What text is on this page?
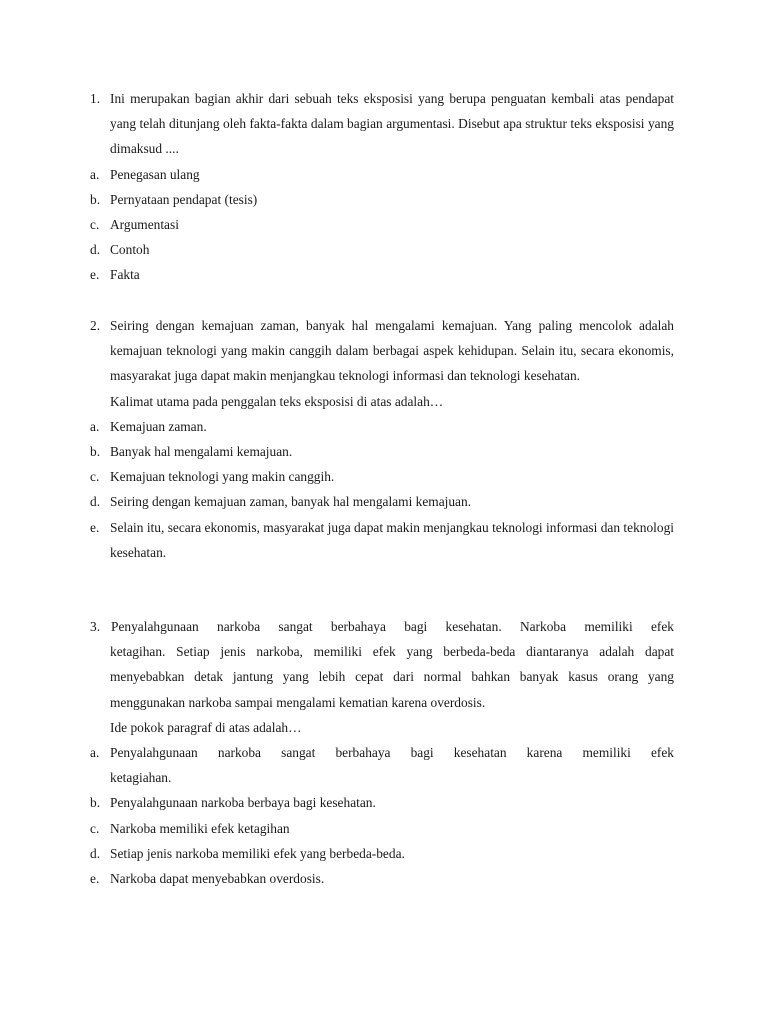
1. Ini merupakan bagian akhir dari sebuah teks eksposisi yang berupa penguatan kembali atas pendapat yang telah ditunjang oleh fakta-fakta dalam bagian argumentasi. Disebut apa struktur teks eksposisi yang dimaksud ....
a. Penegasan ulang
b. Pernyataan pendapat (tesis)
c. Argumentasi
d. Contoh
e. Fakta
2. Seiring dengan kemajuan zaman, banyak hal mengalami kemajuan. Yang paling mencolok adalah kemajuan teknologi yang makin canggih dalam berbagai aspek kehidupan. Selain itu, secara ekonomis, masyarakat juga dapat makin menjangkau teknologi informasi dan teknologi kesehatan.
Kalimat utama pada penggalan teks eksposisi di atas adalah…
a. Kemajuan zaman.
b. Banyak hal mengalami kemajuan.
c. Kemajuan teknologi yang makin canggih.
d. Seiring dengan kemajuan zaman, banyak hal mengalami kemajuan.
e. Selain itu, secara ekonomis, masyarakat juga dapat makin menjangkau teknologi informasi dan teknologi kesehatan.
3. Penyalahgunaan narkoba sangat berbahaya bagi kesehatan. Narkoba memiliki efek
ketagihan. Setiap jenis narkoba, memiliki efek yang berbeda-beda diantaranya adalah dapat menyebabkan detak jantung yang lebih cepat dari normal bahkan banyak kasus orang yang menggunakan narkoba sampai mengalami kematian karena overdosis.
Ide pokok paragraf di atas adalah…
a. Penyalahgunaan narkoba sangat berbahaya bagi kesehatan karena memiliki efek
ketagiahan.
b. Penyalahgunaan narkoba berbaya bagi kesehatan.
c. Narkoba memiliki efek ketagihan
d. Setiap jenis narkoba memiliki efek yang berbeda-beda.
e. Narkoba dapat menyebabkan overdosis.
